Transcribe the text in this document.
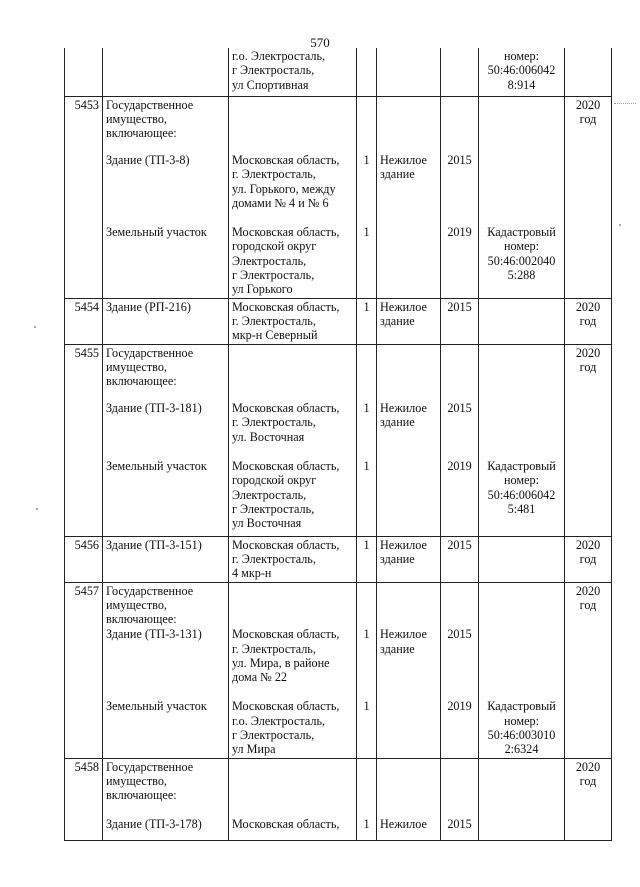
570
		г.о. Электросталь,
г Электросталь,
ул Спортивная				номер:
50:46:006042
8:914	
5453	Государственное
имущество,
включающее:						2020
год
	Здание (ТП-3-8)	Московская область,
г. Электросталь,
ул. Горького, между
домами № 4 и № 6	1	Нежилое
здание	2015		
	Земельный участок	Московская область,
городской округ
Электросталь,
г Электросталь,
ул Горького	1		2019	Кадастровый
номер:
50:46:002040
5:288	
5454	Здание (РП-216)	Московская область,
г. Электросталь,
мкр-н Северный	1	Нежилое
здание	2015		2020
год
5455	Государственное
имущество,
включающее:						2020
год
	Здание (ТП-3-181)	Московская область,
г. Электросталь,
ул. Восточная	1	Нежилое
здание	2015		
	Земельный участок	Московская область,
городской округ
Электросталь,
г Электросталь,
ул Восточная	1		2019	Кадастровый
номер:
50:46:006042
5:481	
5456	Здание (ТП-3-151)	Московская область,
г. Электросталь,
4 мкр-н	1	Нежилое
здание	2015		2020
год
5457	Государственное
имущество,
включающее:						2020
год
	Здание (ТП-3-131)	Московская область,
г. Электросталь,
ул. Мира, в районе
дома № 22	1	Нежилое
здание	2015		
	Земельный участок	Московская область,
г.о. Электросталь,
г Электросталь,
ул Мира	1		2019	Кадастровый
номер:
50:46:003010
2:6324	
5458	Государственное
имущество,
включающее:						2020
год
	Здание (ТП-3-178)	Московская область,	1	Нежилое	2015		
